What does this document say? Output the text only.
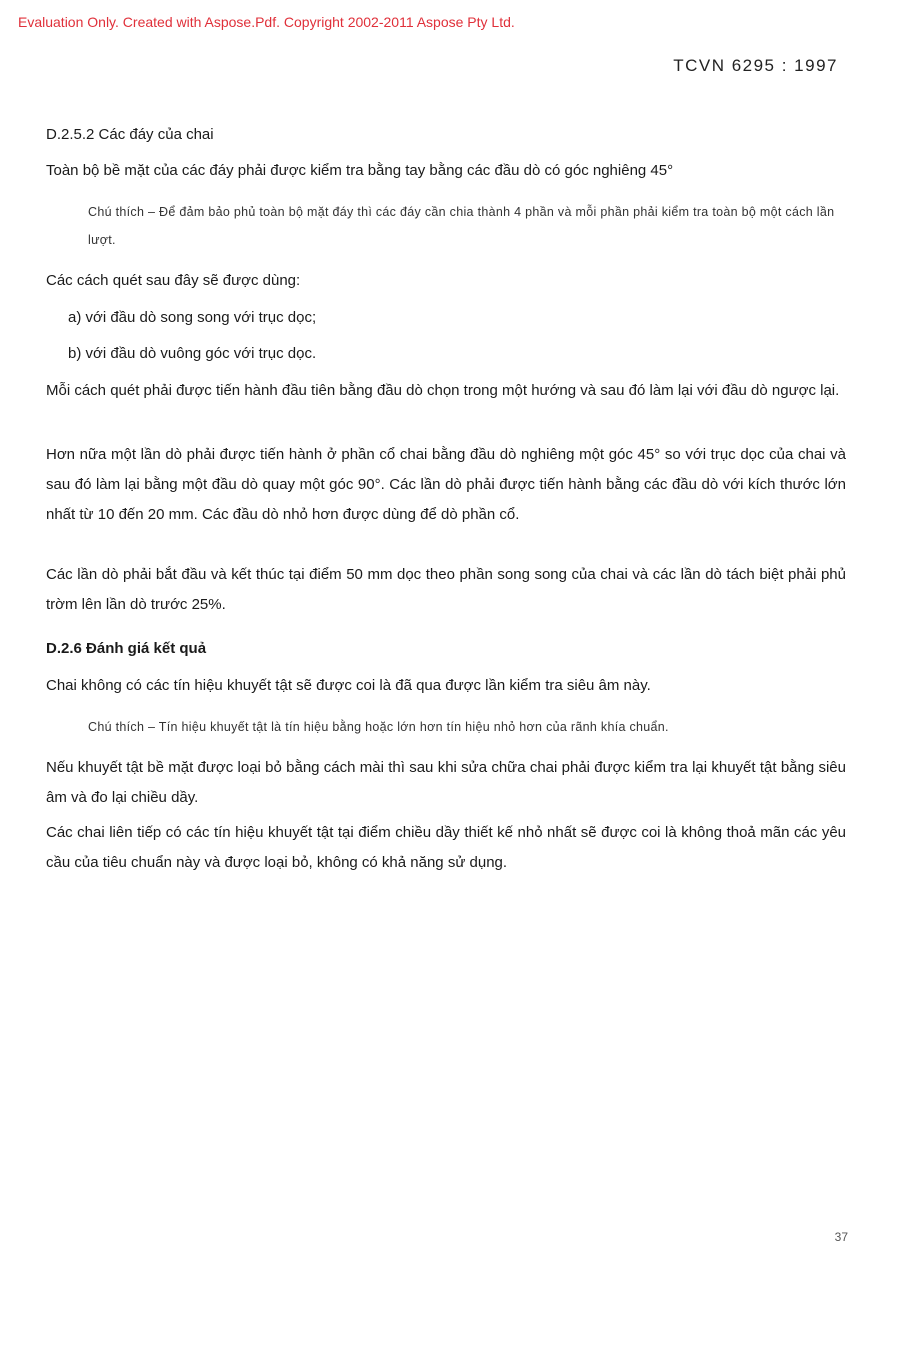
Evaluation Only. Created with Aspose.Pdf. Copyright 2002-2011 Aspose Pty Ltd.
TCVN 6295 : 1997

D.2.5.2 Các đáy của chai

Toàn bộ bề mặt của các đáy phải được kiểm tra bằng tay bằng các đầu dò có góc nghiêng 45°

Chú thích – Để đảm bảo phủ toàn bộ mặt đáy thì các đáy cần chia thành 4 phần và mỗi phần phải kiểm tra toàn bộ một cách lần lượt.

Các cách quét sau đây sẽ được dùng:

a) với đầu dò song song với trục dọc;

b) với đầu dò vuông góc với trục dọc.

Mỗi cách quét phải được tiến hành đầu tiên bằng đầu dò chọn trong một hướng và sau đó làm lại với đầu dò ngược lại.

Hơn nữa một lần dò phải được tiến hành ở phần cổ chai bằng đầu dò nghiêng một góc 45° so với trục dọc của chai và sau đó làm lại bằng một đầu dò quay một góc 90°. Các lần dò phải được tiến hành bằng các đầu dò với kích thước lớn nhất từ 10 đến 20 mm. Các đầu dò nhỏ hơn được dùng để dò phần cổ.

Các lần dò phải bắt đầu và kết thúc tại điểm 50 mm dọc theo phần song song của chai và các lần dò tách biệt phải phủ trờm lên lần dò trước 25%.

D.2.6 Đánh giá kết quả

Chai không có các tín hiệu khuyết tật sẽ được coi là đã qua được lần kiểm tra siêu âm này.

Chú thích – Tín hiệu khuyết tật là tín hiệu bằng hoặc lớn hơn tín hiệu nhỏ hơn của rãnh khía chuẩn.

Nếu khuyết tật bề mặt được loại bỏ bằng cách mài thì sau khi sửa chữa chai phải được kiểm tra lại khuyết tật bằng siêu âm và đo lại chiều dầy.

Các chai liên tiếp có các tín hiệu khuyết tật tại điểm chiều dầy thiết kế nhỏ nhất sẽ được coi là không thoả mãn các yêu cầu của tiêu chuẩn này và được loại bỏ, không có khả năng sử dụng.

37
